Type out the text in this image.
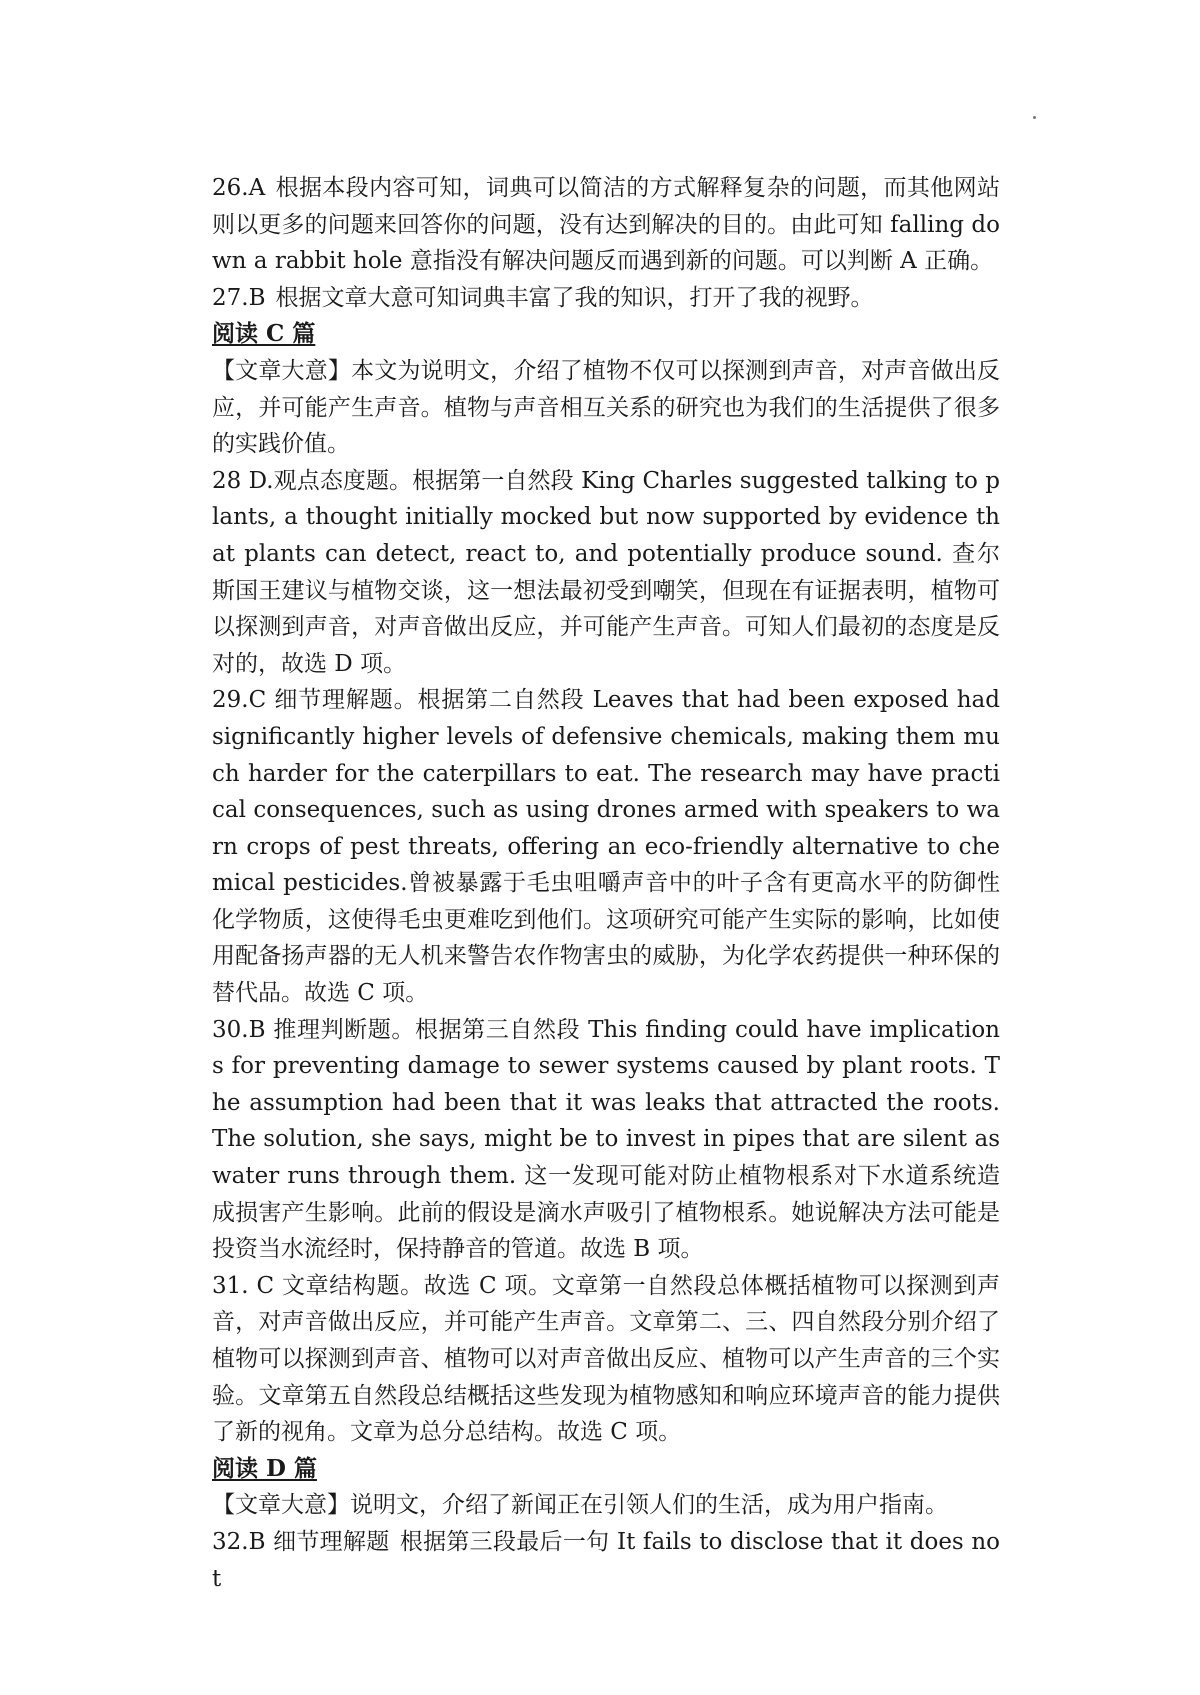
26.A 根据本段内容可知，词典可以简洁的方式解释复杂的问题，而其他网站则以更多的问题来回答你的问题，没有达到解决的目的。由此可知 falling down a rabbit hole 意指没有解决问题反而遇到新的问题。可以判断 A 正确。

27.B 根据文章大意可知词典丰富了我的知识，打开了我的视野。

阅读 C 篇

【文章大意】本文为说明文，介绍了植物不仅可以探测到声音，对声音做出反应，并可能产生声音。植物与声音相互关系的研究也为我们的生活提供了很多的实践价值。

28 D.观点态度题。根据第一自然段 King Charles suggested talking to plants, a thought initially mocked but now supported by evidence that plants can detect, react to, and potentially produce sound. 查尔斯国王建议与植物交谈，这一想法最初受到嘲笑，但现在有证据表明，植物可以探测到声音，对声音做出反应，并可能产生声音。可知人们最初的态度是反对的，故选 D 项。

29.C 细节理解题。根据第二自然段 Leaves that had been exposed had significantly higher levels of defensive chemicals, making them much harder for the caterpillars to eat. The research may have practical consequences, such as using drones armed with speakers to warn crops of pest threats, offering an eco-friendly alternative to chemical pesticides.曾被暴露于毛虫咀嚼声音中的叶子含有更高水平的防御性化学物质，这使得毛虫更难吃到他们。这项研究可能产生实际的影响，比如使用配备扬声器的无人机来警告农作物害虫的威胁，为化学农药提供一种环保的替代品。故选 C 项。

30.B 推理判断题。根据第三自然段 This finding could have implications for preventing damage to sewer systems caused by plant roots. The assumption had been that it was leaks that attracted the roots. The solution, she says, might be to invest in pipes that are silent as water runs through them. 这一发现可能对防止植物根系对下水道系统造成损害产生影响。此前的假设是滴水声吸引了植物根系。她说解决方法可能是投资当水流经时，保持静音的管道。故选 B 项。

31. C 文章结构题。故选 C 项。文章第一自然段总体概括植物可以探测到声音，对声音做出反应，并可能产生声音。文章第二、三、四自然段分别介绍了植物可以探测到声音、植物可以对声音做出反应、植物可以产生声音的三个实验。文章第五自然段总结概括这些发现为植物感知和响应环境声音的能力提供了新的视角。文章为总分总结构。故选 C 项。

阅读 D 篇

【文章大意】说明文，介绍了新闻正在引领人们的生活，成为用户指南。

32.B 细节理解题 根据第三段最后一句 It fails to disclose that it does not
